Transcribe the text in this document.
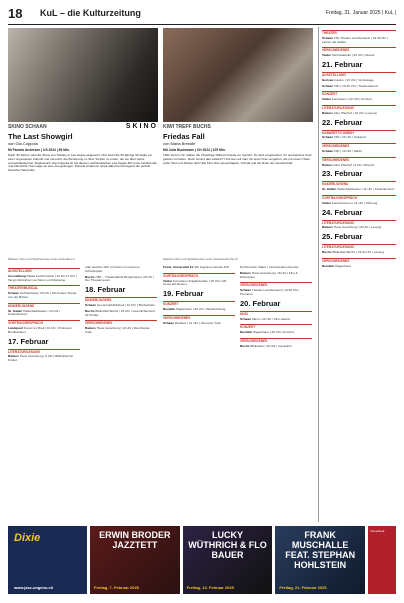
18 KuL – die Kulturzeitung	Freitag, 31. Januar 2025 | KuL |
SKINO SCHAAN	SKINO KIWI TREFF BUCHS
The Last Showgirl
von Gia Coppola
Mi Pamela Anderson | US 2024 | 89 Min.

Nach 30 Jahren wird die Show von Shelley in Las Vegas abgesetzt. Nun steht die 50-jährige Showgirl vor einer ungewissen Zukunft und versucht, die Beziehung zu ihrer Tochter zu retten, die sie über Jahre vernachlässigt hat. Regisseurin Gia Coppola ist mit diesem nachdenklichen Las-Vegas-Film eine berührende und bitterböse Hommage an eine Ära gelungen. Pamela Anderson spielt dabei hervorragend die perfekt besetzte Hauptrolle.

Friedas Fall
von Maria Brendle
Mit Julia Buchmann | CH 2024 | 105 Min.

1904 steht in St. Gallen die 25-jährige Näherin Frieda vor Gericht. Ihr wird vorgeworfen, ihr uneheliches Kind getötet zu haben. Doch stimmt das wirklich? Und wie soll man mit einer Frau umgehen, die mit einem Haus voller Wut und Scham lebt? Ein Film über Gerechtigkeit, Schuld und die Rolle der Gesellschaft.

Weitere Infos und Spielhermine unter www.skino.li	Weitere Infos und Spielhermine unter www.kinobuchs.ch
AUSSTELLUNG
Ausstellung Palais Liechtenstein | 10 bis 17 Uhr | Tango-Workshop von Mexx und Marianne.
THEATER/MUSICAL
Schaan Gotthardsaal | 20 Uhr | Die besten Songs von der Bühne.
KINDER/JUGEND
St. Gallen Hallenbadtheater | 14 Uhr | Kinderkonzert.
VORTRAG/GESPRÄCH
Landquart Forum im Ried | 19 Uhr | Professor Bernhardsen.
17. Februar
LITERATUR/LESUNG
Balzers Haus Gutenberg | 9 Uhr | Bibliothek für Kinder.
oder welcher dich im Fluss mit unserem Schulprojekt.
Buchs ÖBT – Theaterfabrik Bergstrasse | 20 Uhr | Der Theaterverein.
18. Februar
KINDER/JUGEND
Schaan Gemeindebibliothek | 10 Uhr | Bücherkiste.
Buchs Bibliothek Buchs | 15 Uhr | Geschichtenzeit für Kinder.
VERSCHIEDENES
Balzers Haus Gutenberg | 10 Uhr | Das Repair-Café.
Franz, Universität FL Wir beginnen bereits früh.
VORTRAG/GESPRÄCH
Vaduz Kunstraum Engländerbau | 18 Uhr | Mit Kunst auf Reisen.
19. Februar
KONZERT
Nendeln Hagenhaus | 20 Uhr | Wiederholung.
VERSCHIEDENES
Schaan Rathaus | 14 Uhr | Senioren-Treff.
Dorfzentrum Vaduz | Verschiedene Events.
Balzers Haus Gutenberg | 18 Uhr | Film & Diskussion.
VERSCHIEDENES
Schaan Theater Liechtenstein | 19.30 Uhr | Premiere.
20. Februar
KINO
Schaan Skino | 20 Uhr | Film-Abend.
KONZERT
Nendeln Hagenhaus | 20 Uhr | Konzert.
VERSCHIEDENES
Buchs Bibliothek | 18 Uhr | Gespräch.
Dixie
www.jazz-ungenu.ch
ERWIN BRODER JAZZTETT
Freitag, 7. Februar 2025
LUCKY WÜTHRICH & FLO BAUER
Freitag, 14. Februar 2025
FRANK MUSCHALLE FEAT. STEPHAN HOHLSTEIN
Freitag, 21. Februar 2025
Vorverkauf
THEATER
Schaan TAK Theater Liechtenstein | 19.30 Uhr | Lieben die Gallier.
VERSCHIEDENES
Vaduz Schlossabelle | 20 Uhr | Abend.
21. Februar
AUSSTELLUNG
Herisau Casino | 19 Uhr | Vernissage.
Schaan TAK | 19.30 Uhr | Theaterabend.
KONZERT
Vaduz Kunstraum | 20 Uhr | Konzert.
LITERATUR/LESUNG
Balzers Alter Pfarrhof | 19 Uhr | Lesung.
22. Februar
KABARETT/COMEDY
Schaan TAK | 20 Uhr | Kabarett.
VERSCHIEDENES
Schaan TAK | 10 Uhr | Markt.
VERSCHIEDENES
Balzers Alter Pfarrhof | 9 Uhr | Brunch.
23. Februar
KINDER/JUGEND
St. Gallen Hallenbadtheater | 11 Uhr | Kinderkonzert.
VORTRAG/GESPRÄCH
Vaduz Kunstmuseum | 11 Uhr | Führung.
24. Februar
LITERATUR/LESUNG
Balzers Haus Gutenberg | 19 Uhr | Lesung.
25. Februar
LITERATUR/LESUNG
Buchs Bibliothek Buchs | 19.30 Uhr | Lesung.
VERSCHIEDENES
Nendeln Hagenhaus
